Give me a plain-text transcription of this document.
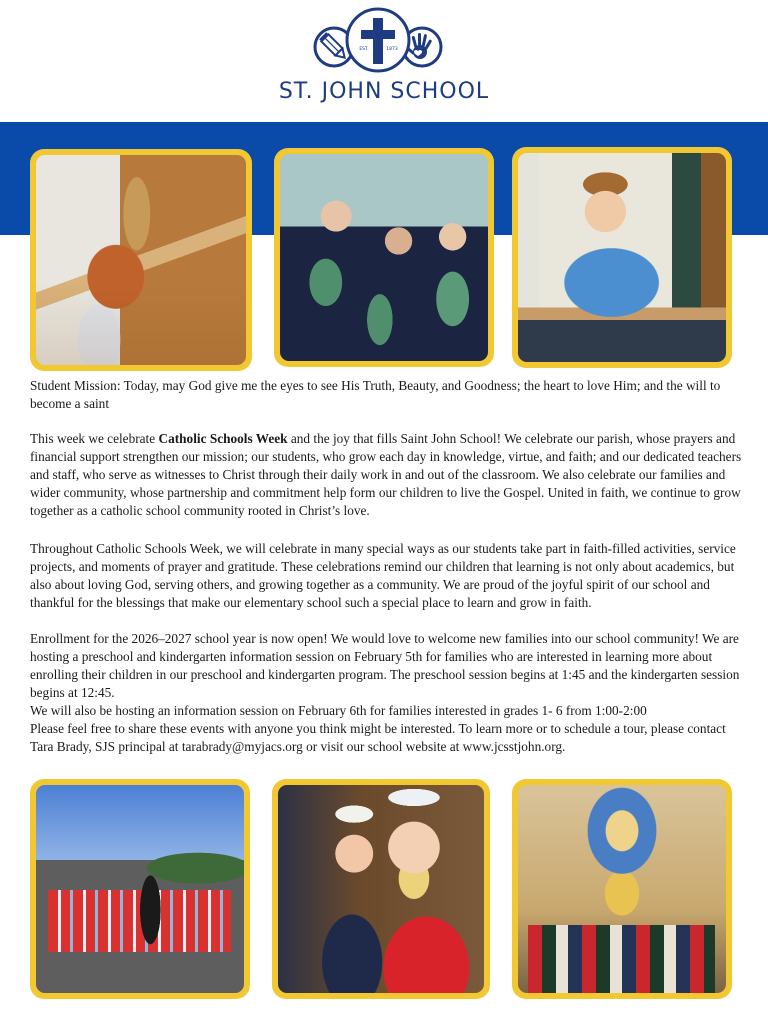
EST.	1873
ST. JOHN SCHOOL

Student Mission: Today, may God give me the eyes to see His Truth, Beauty, and Goodness; the heart to love Him; and the will to become a saint

This week we celebrate Catholic Schools Week and the joy that fills Saint John School! We celebrate our parish, whose prayers and financial support strengthen our mission; our students, who grow each day in knowledge, virtue, and faith; and our dedicated teachers and staff, who serve as witnesses to Christ through their daily work in and out of the classroom. We also celebrate our families and wider community, whose partnership and commitment help form our children to live the Gospel. United in faith, we continue to grow together as a catholic school community rooted in Christ’s love.

Throughout Catholic Schools Week, we will celebrate in many special ways as our students take part in faith-filled activities, service projects, and moments of prayer and gratitude. These celebrations remind our children that learning is not only about academics, but also about loving God, serving others, and growing together as a community. We are proud of the joyful spirit of our school and thankful for the blessings that make our elementary school such a special place to learn and grow in faith.

Enrollment for the 2026–2027 school year is now open! We would love to welcome new families into our school community! We are hosting a preschool and kindergarten information session on February 5th for families who are interested in learning more about enrolling their children in our preschool and kindergarten program. The preschool session begins at 1:45 and the kindergarten session begins at 12:45.

We will also be hosting an information session on February 6th for families interested in grades 1- 6 from 1:00-2:00

Please feel free to share these events with anyone you think might be interested. To learn more or to schedule a tour, please contact Tara Brady, SJS principal at tarabrady@myjacs.org or visit our school website at www.jcsstjohn.org.
